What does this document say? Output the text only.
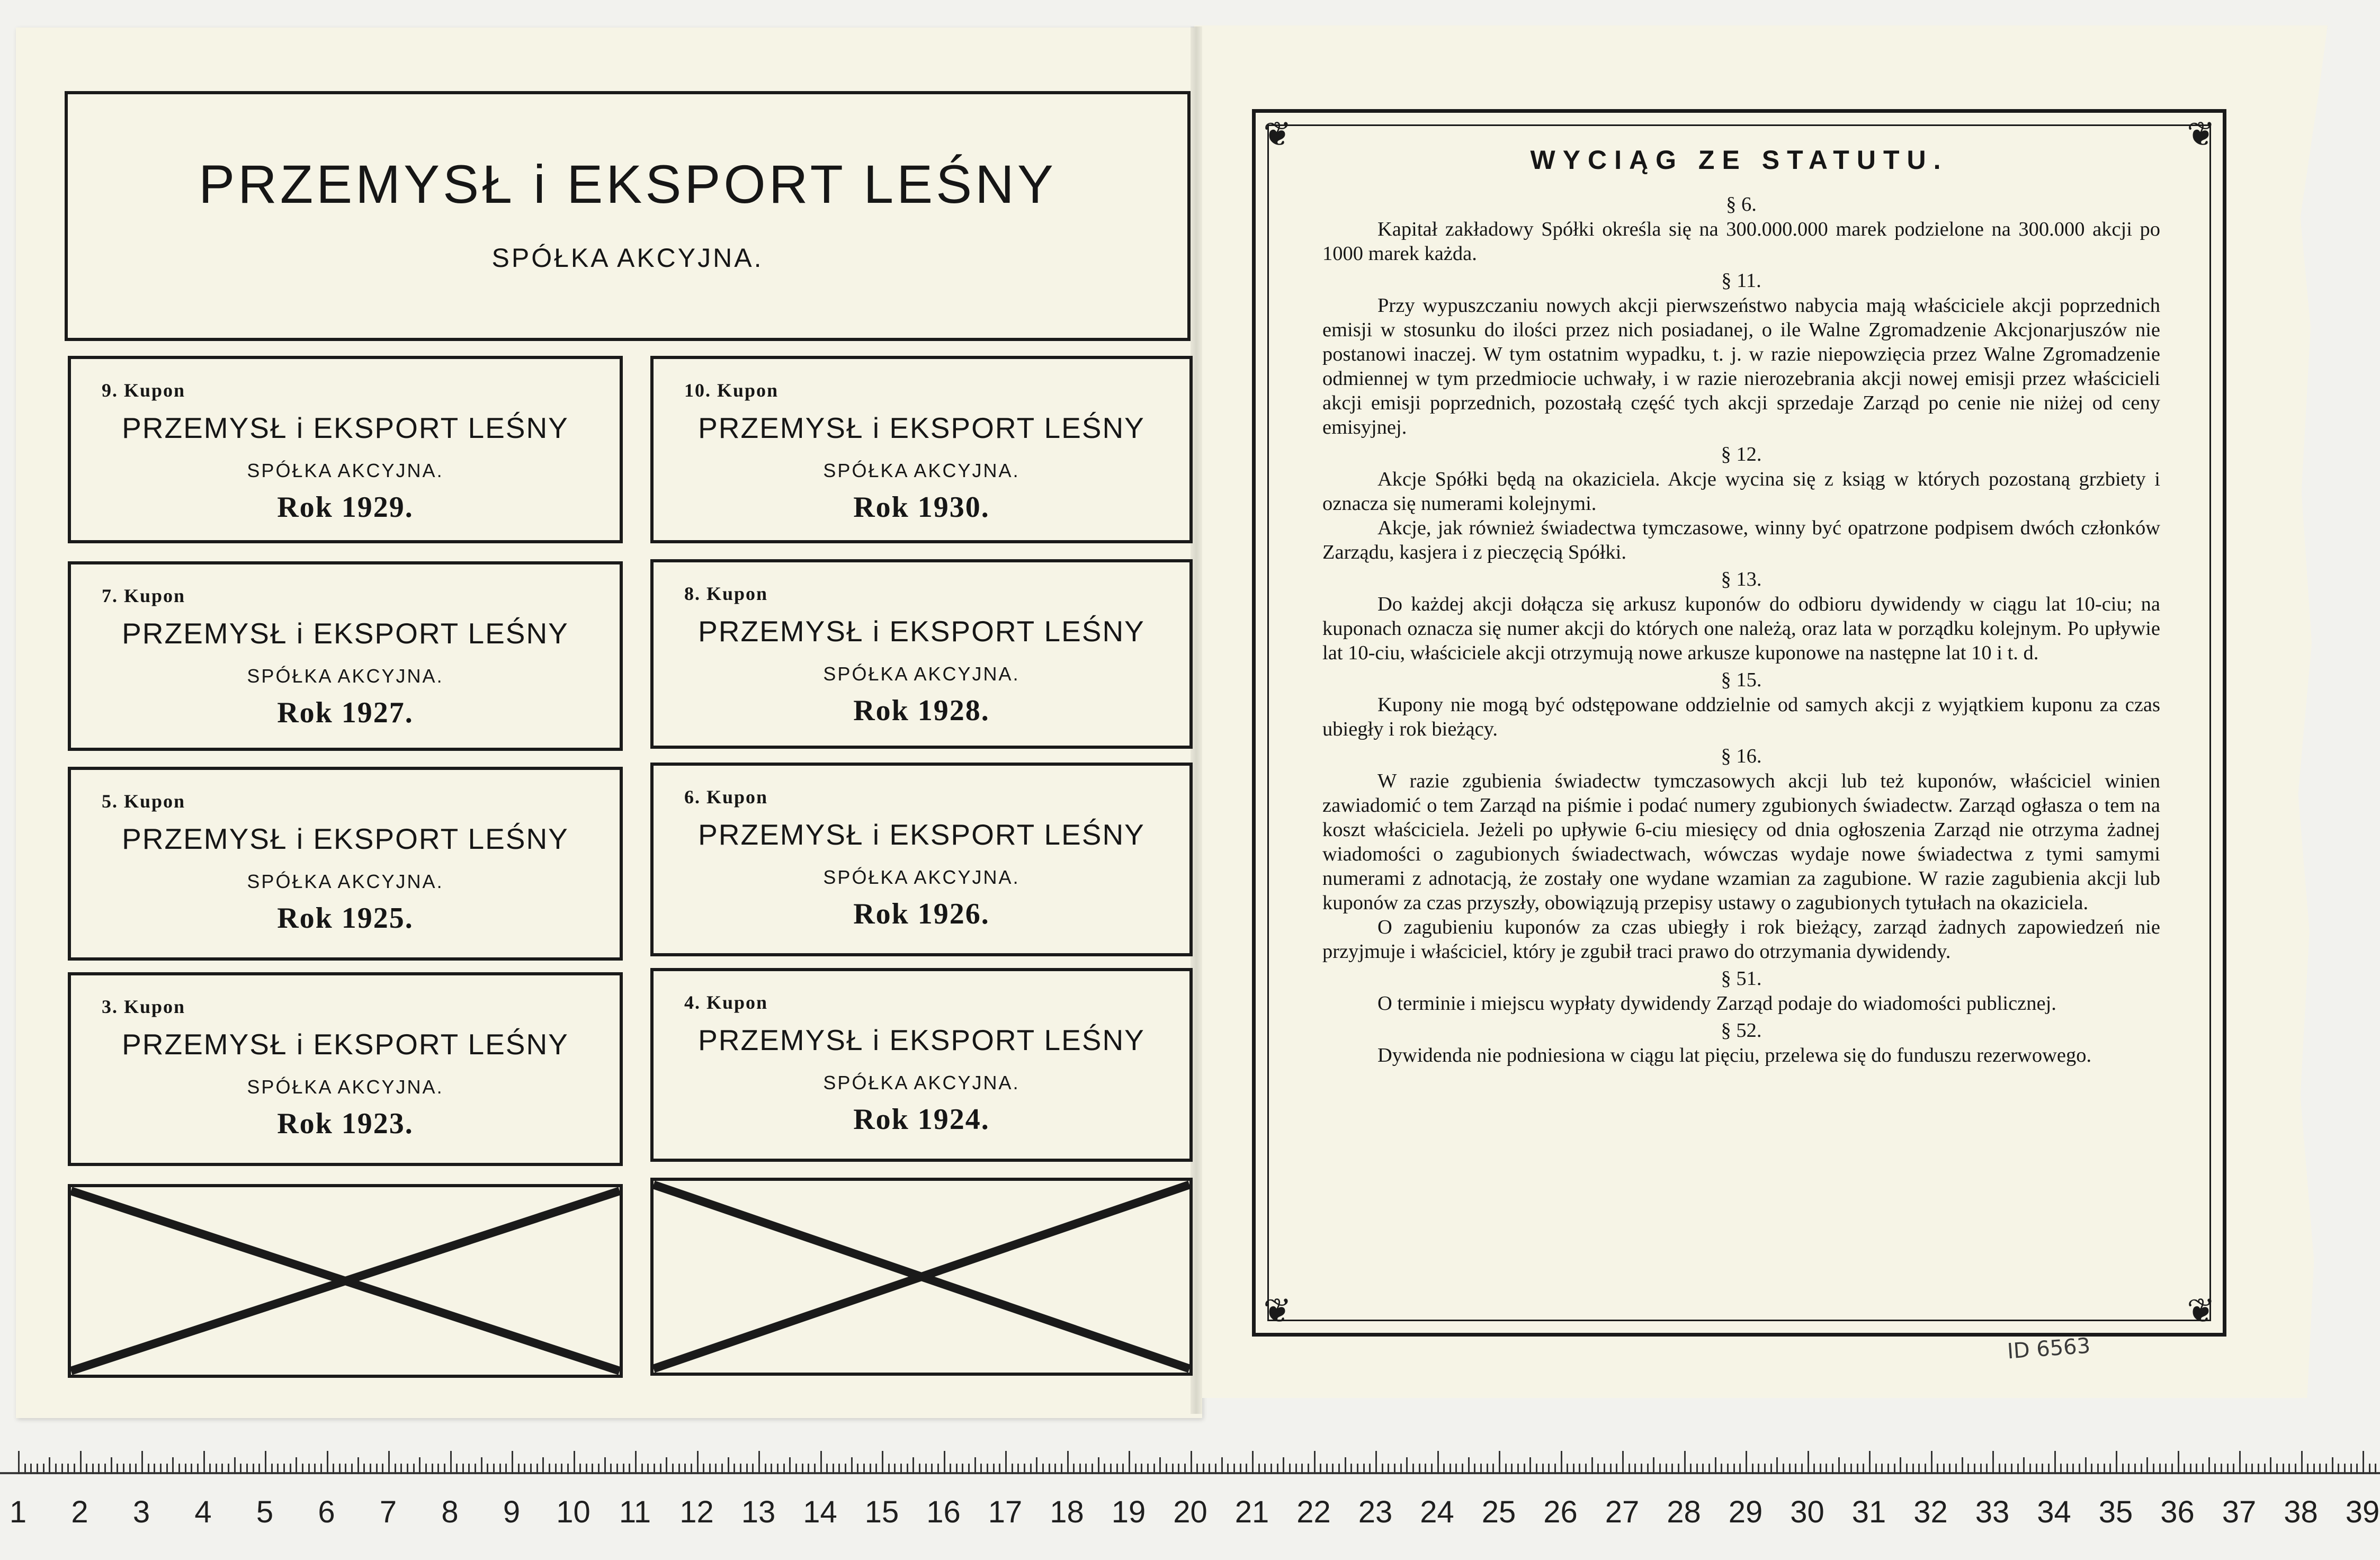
PRZEMYSŁ i EKSPORT LEŚNY
SPÓŁKA AKCYJNA.
9. Kupon
PRZEMYSŁ i EKSPORT LEŚNY
SPÓŁKA AKCYJNA.
Rok 1929.
10. Kupon
PRZEMYSŁ i EKSPORT LEŚNY
SPÓŁKA AKCYJNA.
Rok 1930.
7. Kupon
PRZEMYSŁ i EKSPORT LEŚNY
SPÓŁKA AKCYJNA.
Rok 1927.
8. Kupon
PRZEMYSŁ i EKSPORT LEŚNY
SPÓŁKA AKCYJNA.
Rok 1928.
5. Kupon
PRZEMYSŁ i EKSPORT LEŚNY
SPÓŁKA AKCYJNA.
Rok 1925.
6. Kupon
PRZEMYSŁ i EKSPORT LEŚNY
SPÓŁKA AKCYJNA.
Rok 1926.
3. Kupon
PRZEMYSŁ i EKSPORT LEŚNY
SPÓŁKA AKCYJNA.
Rok 1923.
4. Kupon
PRZEMYSŁ i EKSPORT LEŚNY
SPÓŁKA AKCYJNA.
Rok 1924.
❦	❦
❦	❦
WYCIĄG ZE STATUTU.
§ 6.

Kapitał zakładowy Spółki określa się na 300.000.000 marek podzielone na 300.000 akcji po 1000 marek każda.

§ 11.

Przy wypuszczaniu nowych akcji pierwszeństwo nabycia mają właściciele akcji poprzednich emisji w stosunku do ilości przez nich posiadanej, o ile Walne Zgromadzenie Akcjonarjuszów nie postanowi inaczej. W tym ostatnim wypadku, t. j. w razie niepowzięcia przez Walne Zgromadzenie odmiennej w tym przedmiocie uchwały, i w razie nierozebrania akcji nowej emisji przez właścicieli akcji emisji poprzednich, pozostałą część tych akcji sprzedaje Zarząd po cenie nie niżej od ceny emisyjnej.

§ 12.

Akcje Spółki będą na okaziciela. Akcje wycina się z ksiąg w których pozostaną grzbiety i oznacza się numerami kolejnymi.

Akcje, jak również świadectwa tymczasowe, winny być opatrzone podpisem dwóch członków Zarządu, kasjera i z pieczęcią Spółki.

§ 13.

Do każdej akcji dołącza się arkusz kuponów do odbioru dywidendy w ciągu lat 10-ciu; na kuponach oznacza się numer akcji do których one należą, oraz lata w porządku kolejnym. Po upływie lat 10-ciu, właściciele akcji otrzymują nowe arkusze kuponowe na następne lat 10 i t. d.

§ 15.

Kupony nie mogą być odstępowane oddzielnie od samych akcji z wyjątkiem kuponu za czas ubiegły i rok bieżący.

§ 16.

W razie zgubienia świadectw tymczasowych akcji lub też kuponów, właściciel winien zawiadomić o tem Zarząd na piśmie i podać numery zgubionych świadectw. Zarząd ogłasza o tem na koszt właściciela. Jeżeli po upływie 6-ciu miesięcy od dnia ogłoszenia Zarząd nie otrzyma żadnej wiadomości o zagubionych świadectwach, wówczas wydaje nowe świadectwa z tymi samymi numerami z adnotacją, że zostały one wydane wzamian za zagubione. W razie zagubienia akcji lub kuponów za czas przyszły, obowiązują przepisy ustawy o zagubionych tytułach na okaziciela.

O zagubieniu kuponów za czas ubiegły i rok bieżący, zarząd żadnych zapowiedzeń nie przyjmuje i właściciel, który je zgubił traci prawo do otrzymania dywidendy.

§ 51.

O terminie i miejscu wypłaty dywidendy Zarząd podaje do wiadomości publicznej.

§ 52.

Dywidenda nie podniesiona w ciągu lat pięciu, przelewa się do funduszu rezerwowego.

ID 6563
1 2 3 4 5 6 7 8 9 10 11 12 13 14 15 16 17 18 19 20 21 22 23 24 25 26 27 28 29 30 31 32 33 34 35 36 37 38 39
